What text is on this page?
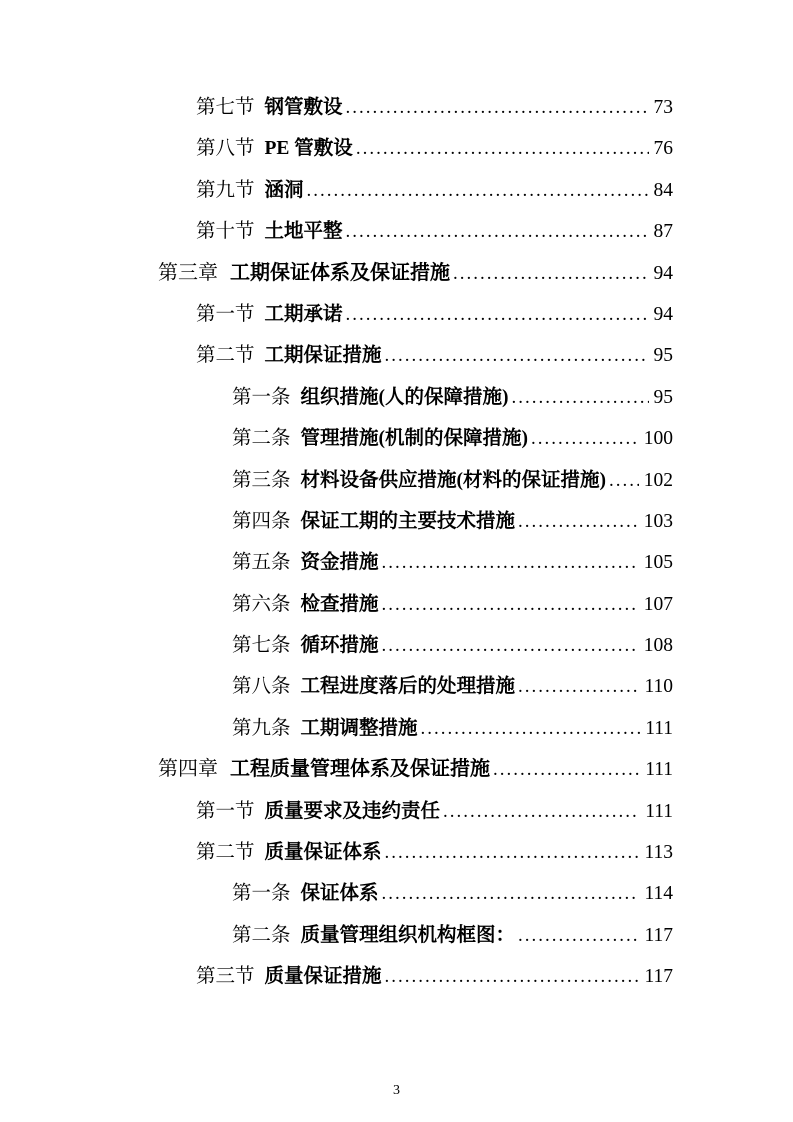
第七节 钢管敷设 .....	73
第八节 PE 管敷设 .....	76
第九节 涵洞 .....	84
第十节 土地平整 .....	87
第三章 工期保证体系及保证措施 .....	94
第一节 工期承诺 .....	94
第二节 工期保证措施 .....	95
第一条 组织措施(人的保障措施) .....	95
第二条 管理措施(机制的保障措施) .....	100
第三条 材料设备供应措施(材料的保证措施) ..... 102
第四条 保证工期的主要技术措施 .....	103
第五条 资金措施 .....	105
第六条 检查措施 .....	107
第七条 循环措施 .....	108
第八条 工程进度落后的处理措施 .....	110
第九条 工期调整措施 .....	111
第四章 工程质量管理体系及保证措施 .....	111
第一节 质量要求及违约责任 .....	111
第二节 质量保证体系 .....	113
第一条 保证体系 .....	114
第二条 质量管理组织机构框图： .....	117
第三节 质量保证措施 .....	117
3
